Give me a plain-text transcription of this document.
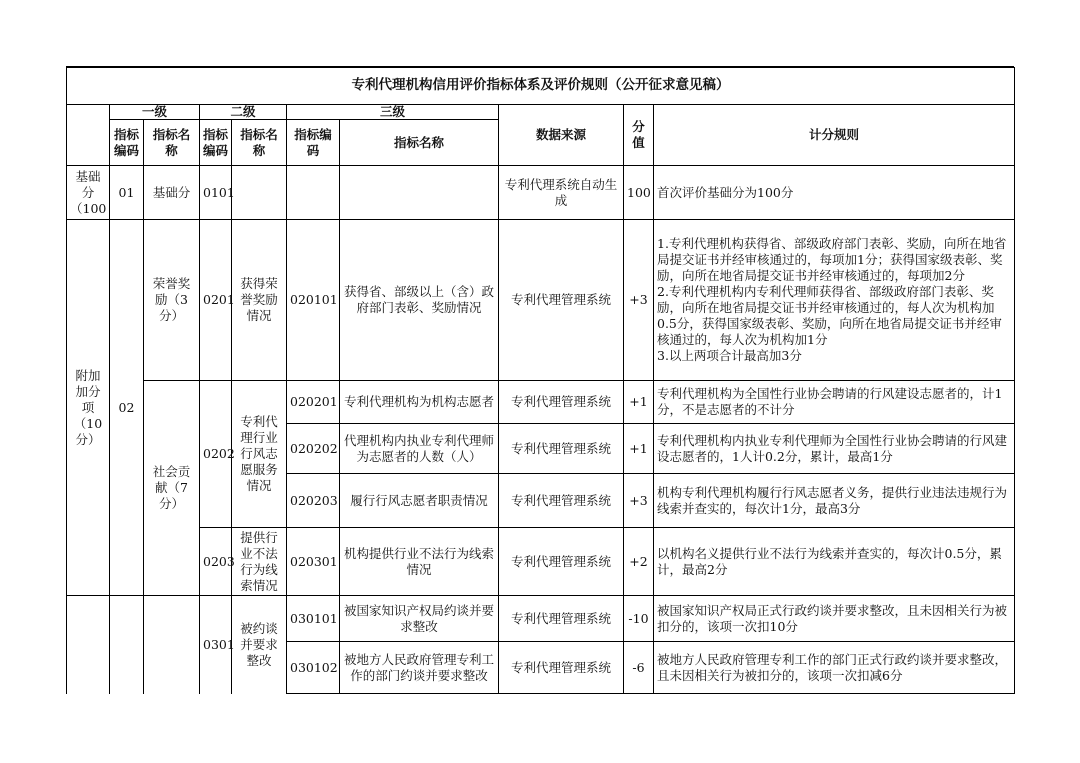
专利代理机构信用评价指标体系及评价规则（公开征求意见稿）									
	一级		二级		三级		数据来源	分值	计分规则
	指标编码	指标名称	指标编码	指标名称	指标编码	指标名称			
基础分（100	01	基础分	0101				专利代理系统自动生成	100	首次评价基础分为100分
附加加分项（10分）	02	荣誉奖励（3分）	0201	获得荣誉奖励情况	020101	获得省、部级以上（含）政府部门表彰、奖励情况	专利代理管理系统	+3	1.专利代理机构获得省、部级政府部门表彰、奖励，向所在地省局提交证书并经审核通过的，每项加1分；获得国家级表彰、奖励，向所在地省局提交证书并经审核通过的，每项加2分
2.专利代理机构内专利代理师获得省、部级政府部门表彰、奖励，向所在地省局提交证书并经审核通过的，每人次为机构加0.5分，获得国家级表彰、奖励，向所在地省局提交证书并经审核通过的，每人次为机构加1分
3.以上两项合计最高加3分

		社会贡献（7分）	0202	专利代理行业行风志愿服务情况	020201	专利代理机构为机构志愿者	专利代理管理系统	+1	专利代理机构为全国性行业协会聘请的行风建设志愿者的，计1分，不是志愿者的不计分
					020202	代理机构内执业专利代理师为志愿者的人数（人）	专利代理管理系统	+1	专利代理机构内执业专利代理师为全国性行业协会聘请的行风建设志愿者的，1人计0.2分，累计，最高1分
					020203	履行行风志愿者职责情况	专利代理管理系统	+3	机构专利代理机构履行行风志愿者义务，提供行业违法违规行为线索并查实的，每次计1分，最高3分
			0203	提供行业不法行为线索情况	020301	机构提供行业不法行为线索情况	专利代理管理系统	+2	以机构名义提供行业不法行为线索并查实的，每次计0.5分，累计，最高2分
			0301	被约谈并要求整改	030101	被国家知识产权局约谈并要求整改	专利代理管理系统	-10	被国家知识产权局正式行政约谈并要求整改，且未因相关行为被扣分的，该项一次扣10分
					030102	被地方人民政府管理专利工作的部门约谈并要求整改	专利代理管理系统	-6	被地方人民政府管理专利工作的部门正式行政约谈并要求整改，且未因相关行为被扣分的，该项一次扣减6分
